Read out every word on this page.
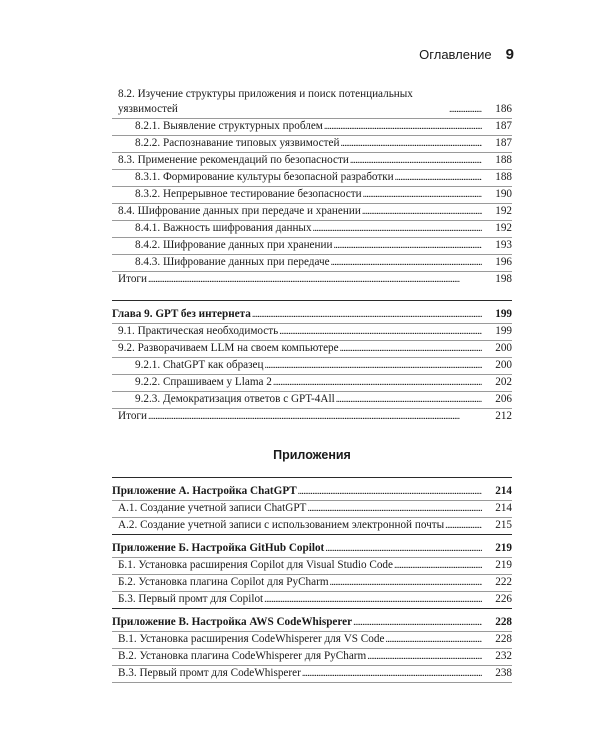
Оглавление 9
8.2. Изучение структуры приложения и поиск потенциальных уязвимостей . . .	186
8.2.1. Выявление структурных проблем . . .	187
8.2.2. Распознавание типовых уязвимостей . . .	187
8.3. Применение рекомендаций по безопасности . . .	188
8.3.1. Формирование культуры безопасной разработки . . .	188
8.3.2. Непрерывное тестирование безопасности . . .	190
8.4. Шифрование данных при передаче и хранении . . .	192
8.4.1. Важность шифрования данных . . .	192
8.4.2. Шифрование данных при хранении . . .	193
8.4.3. Шифрование данных при передаче . . .	196
Итоги . . .	198
Глава 9. GPT без интернета . . .	199
9.1. Практическая необходимость . . .	199
9.2. Разворачиваем LLM на своем компьютере . . .	200
9.2.1. ChatGPT как образец . . .	200
9.2.2. Спрашиваем у Llama 2 . . .	202
9.2.3. Демократизация ответов с GPT-4All . . .	206
Итоги . . .	212
Приложения
Приложение А. Настройка ChatGPT . . .	214
А.1. Создание учетной записи ChatGPT . . .	214
А.2. Создание учетной записи с использованием электронной почты . . .	215
Приложение Б. Настройка GitHub Copilot . . .	219
Б.1. Установка расширения Copilot для Visual Studio Code . . .	219
Б.2. Установка плагина Copilot для PyCharm . . .	222
Б.3. Первый промт для Copilot . . .	226
Приложение В. Настройка AWS CodeWhisperer . . .	228
В.1. Установка расширения CodeWhisperer для VS Code . . .	228
В.2. Установка плагина CodeWhisperer для PyCharm . . .	232
В.3. Первый промт для CodeWhisperer . . .	238
